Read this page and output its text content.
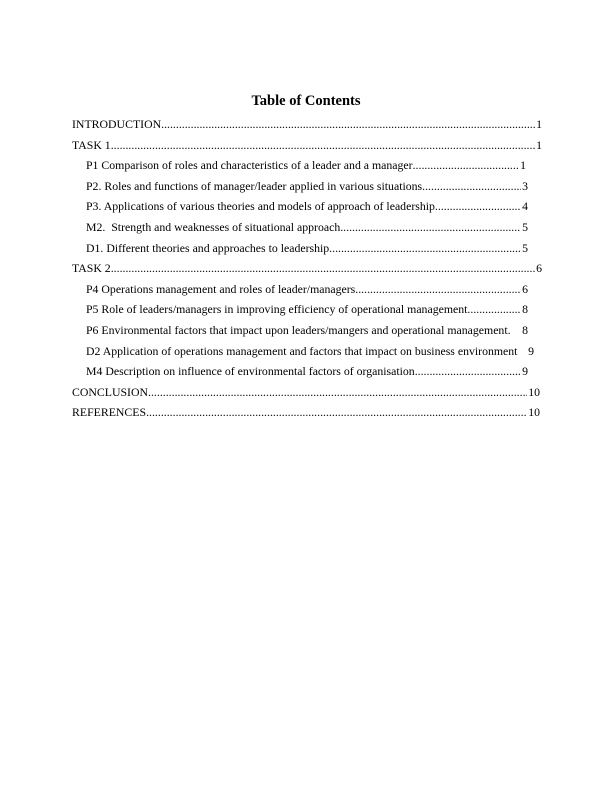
Table of Contents
INTRODUCTION .....	1
TASK 1 .....	1
P1 Comparison of roles and characteristics of a leader and a manager .....	1
P2. Roles and functions of manager/leader applied in various situations .....	3
P3. Applications of various theories and models of approach of leadership .....	4
M2.  Strength and weaknesses of situational approach .....	5
D1. Different theories and approaches to leadership .....	5
TASK 2 .....	6
P4 Operations management and roles of leader/managers .....	6
P5 Role of leaders/managers in improving efficiency of operational management .....	8
P6 Environmental factors that impact upon leaders/mangers and operational management. 8
D2 Application of operations management and factors that impact on business environment 9
M4 Description on influence of environmental factors of organisation .....	9
CONCLUSION .....	10
REFERENCES .....	10
